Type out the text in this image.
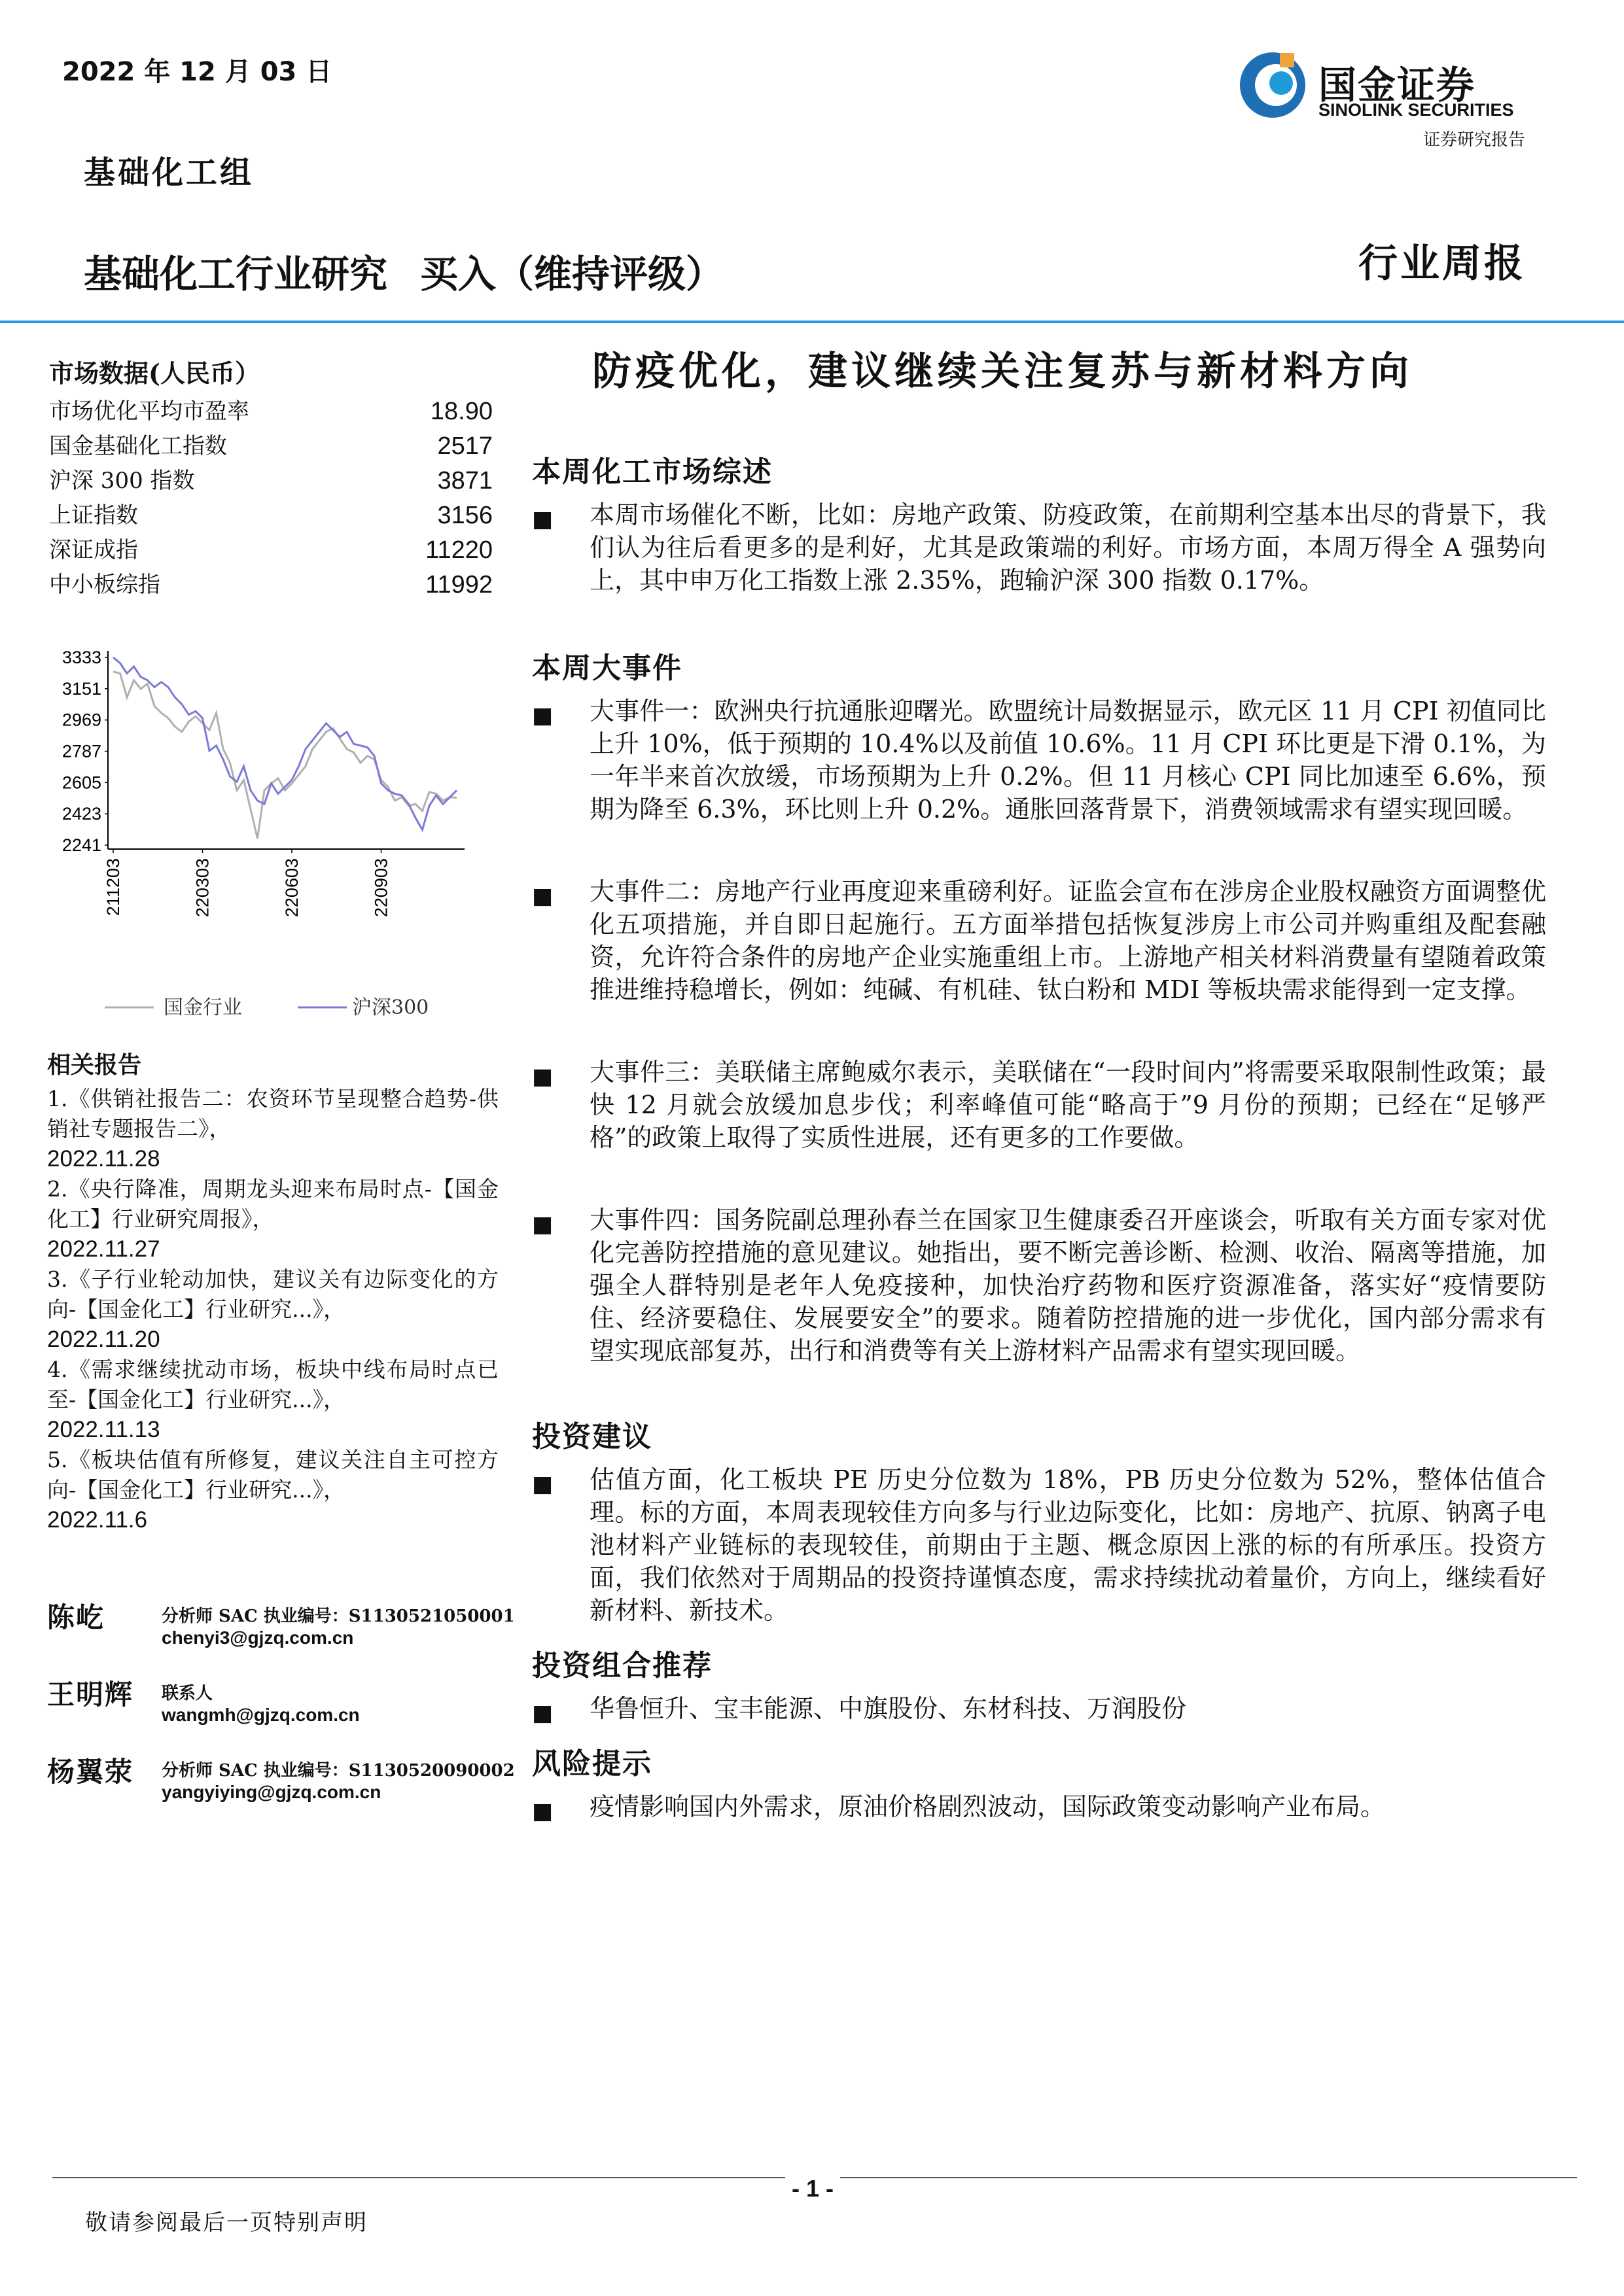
2022 年 12 月 03 日	国金证券
SINOLINK SECURITIES
证券研究报告
基础化工组
基础化工行业研究 买入（维持评级）	行业周报
市场数据(人民币）
市场优化平均市盈率	18.90
国金基础化工指数	2517
沪深 300 指数	3871
上证指数	3156
深证成指	11220
中小板综指	11992
3333
3151
2969
2787
2605
2423
2241
211203	220303	220603	220903
国金行业	沪深300
相关报告
1.《供销社报告二：农资环节呈现整合趋势-供销社专题报告二》，
2022.11.28
2.《央行降准，周期龙头迎来布局时点-【国金化工】行业研究周报》，
2022.11.27
3.《子行业轮动加快，建议关有边际变化的方向-【国金化工】行业研究...》，
2022.11.20
4.《需求继续扰动市场，板块中线布局时点已至-【国金化工】行业研究...》，
2022.11.13
5.《板块估值有所修复，建议关注自主可控方向-【国金化工】行业研究...》，
2022.11.6
陈屹	分析师 SAC 执业编号：S1130521050001
chenyi3@gjzq.com.cn
王明辉 联系人
wangmh@gjzq.com.cn
杨翼荥 分析师 SAC 执业编号：S1130520090002
yangyiying@gjzq.com.cn
防疫优化，建议继续关注复苏与新材料方向
本周化工市场综述
■ 本周市场催化不断，比如：房地产政策、防疫政策，在前期利空基本出尽的背景下，我们认为往后看更多的是利好，尤其是政策端的利好。市场方面，本周万得全 A 强势向上，其中申万化工指数上涨 2.35%，跑输沪深 300 指数 0.17%。
本周大事件
■ 大事件一：欧洲央行抗通胀迎曙光。欧盟统计局数据显示，欧元区 11 月 CPI 初值同比上升 10%，低于预期的 10.4%以及前值 10.6%。11 月 CPI 环比更是下滑 0.1%，为一年半来首次放缓，市场预期为上升 0.2%。但 11 月核心 CPI 同比加速至 6.6%，预期为降至 6.3%，环比则上升 0.2%。通胀回落背景下，消费领域需求有望实现回暖。
■ 大事件二：房地产行业再度迎来重磅利好。证监会宣布在涉房企业股权融资方面调整优化五项措施，并自即日起施行。五方面举措包括恢复涉房上市公司并购重组及配套融资，允许符合条件的房地产企业实施重组上市。上游地产相关材料消费量有望随着政策推进维持稳增长，例如：纯碱、有机硅、钛白粉和 MDI 等板块需求能得到一定支撑。
■ 大事件三：美联储主席鲍威尔表示，美联储在“一段时间内”将需要采取限制性政策；最快 12 月就会放缓加息步伐；利率峰值可能“略高于”9 月份的预期；已经在“足够严格”的政策上取得了实质性进展，还有更多的工作要做。
■ 大事件四：国务院副总理孙春兰在国家卫生健康委召开座谈会，听取有关方面专家对优化完善防控措施的意见建议。她指出，要不断完善诊断、检测、收治、隔离等措施，加强全人群特别是老年人免疫接种，加快治疗药物和医疗资源准备，落实好“疫情要防住、经济要稳住、发展要安全”的要求。随着防控措施的进一步优化，国内部分需求有望实现底部复苏，出行和消费等有关上游材料产品需求有望实现回暖。
投资建议
■ 估值方面，化工板块 PE 历史分位数为 18%，PB 历史分位数为 52%，整体估值合理。标的方面，本周表现较佳方向多与行业边际变化，比如：房地产、抗原、钠离子电池材料产业链标的表现较佳，前期由于主题、概念原因上涨的标的有所承压。投资方面，我们依然对于周期品的投资持谨慎态度，需求持续扰动着量价，方向上，继续看好新材料、新技术。
投资组合推荐
■ 华鲁恒升、宝丰能源、中旗股份、东材科技、万润股份
风险提示
■ 疫情影响国内外需求，原油价格剧烈波动，国际政策变动影响产业布局。
- 1 -
敬请参阅最后一页特别声明
